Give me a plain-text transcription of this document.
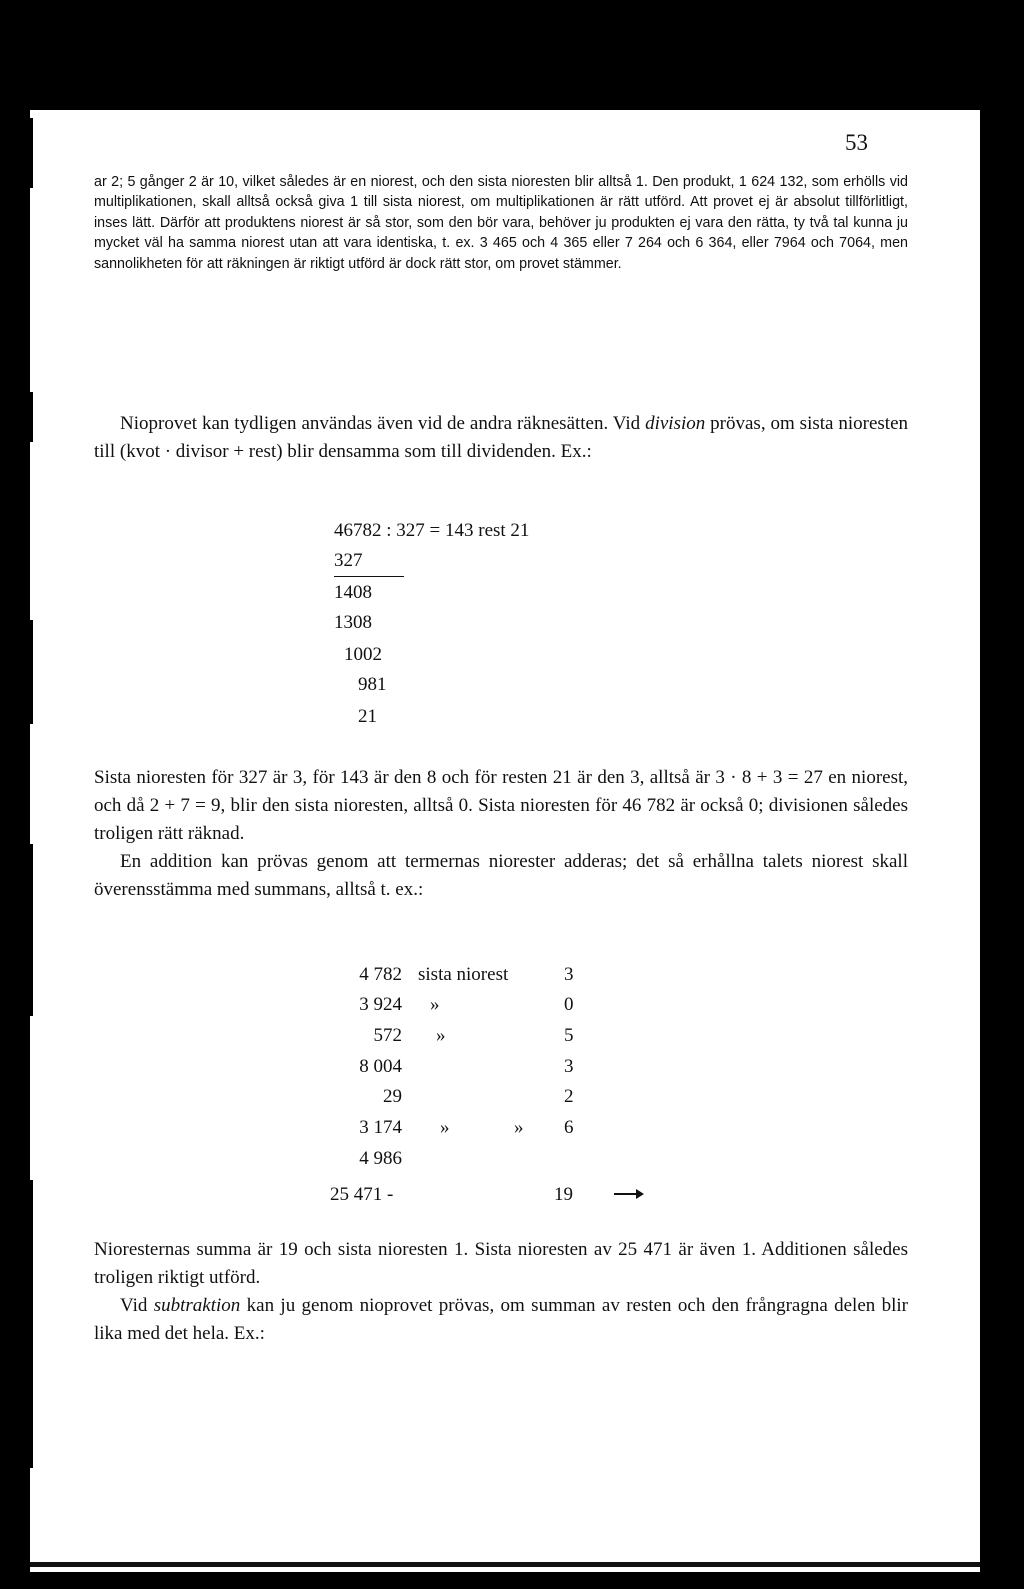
53

ar 2; 5 gånger 2 är 10, vilket således är en niorest, och den sista nioresten blir alltså 1. Den produkt, 1 624 132, som erhölls vid multiplikationen, skall alltså också giva 1 till sista niorest, om multiplikationen är rätt utförd. Att provet ej är absolut tillförlitligt, inses lätt. Därför att produktens niorest är så stor, som den bör vara, behöver ju produkten ej vara den rätta, ty två tal kunna ju mycket väl ha samma niorest utan att vara identiska, t. ex. 3 465 och 4 365 eller 7 264 och 6 364, eller 7964 och 7064, men sannolikheten för att räkningen är riktigt utförd är dock rätt stor, om provet stämmer.

Nioprovet kan tydligen användas även vid de andra räknesätten. Vid division prövas, om sista nioresten till (kvot · divisor + rest) blir densamma som till dividenden. Ex.:

46782 : 327 = 143 rest 21
327
1408
1308
1002
981
21

Sista nioresten för 327 är 3, för 143 är den 8 och för resten 21 är den 3, alltså är 3 · 8 + 3 = 27 en niorest, och då 2 + 7 = 9, blir den sista nioresten, alltså 0. Sista nioresten för 46 782 är också 0; divisionen således troligen rätt räknad.

En addition kan prövas genom att termernas niorester adderas; det så erhållna talets niorest skall överensstämma med summans, alltså t. ex.:

4 782 sista niorest	3
3 924 »	0
572 »	5
8 004	3
29	2
3 174 »	» 6
4 986
25 471 -	19

Nioresternas summa är 19 och sista nioresten 1. Sista nioresten av 25 471 är även 1. Additionen således troligen riktigt utförd.

Vid subtraktion kan ju genom nioprovet prövas, om summan av resten och den frångragna delen blir lika med det hela. Ex.:
